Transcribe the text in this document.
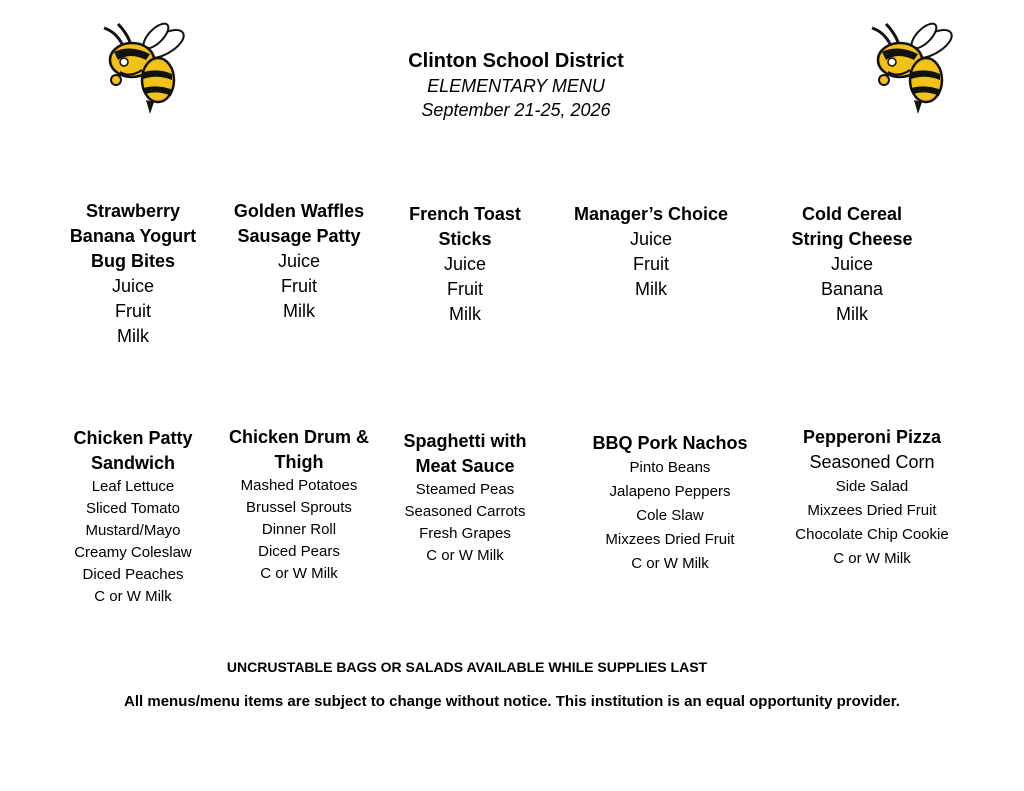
Clinton School District
ELEMENTARY MENU
September 21-25, 2026
Strawberry
Banana Yogurt
Bug Bites
Juice
Fruit
Milk
Golden Waffles
Sausage Patty
Juice
Fruit
Milk
French Toast
Sticks
Juice
Fruit
Milk
Manager’s Choice
Juice
Fruit
Milk
Cold Cereal
String Cheese
Juice
Banana
Milk
Chicken Patty
Sandwich
Leaf Lettuce
Sliced Tomato
Mustard/Mayo
Creamy Coleslaw
Diced Peaches
C or W Milk
Chicken Drum &
Thigh
Mashed Potatoes
Brussel Sprouts
Dinner Roll
Diced Pears
C or W Milk
Spaghetti with
Meat Sauce
Steamed Peas
Seasoned Carrots
Fresh Grapes
C or W Milk
BBQ Pork Nachos
Pinto Beans
Jalapeno Peppers
Cole Slaw
Mixzees Dried Fruit
C or W Milk
Pepperoni Pizza
Seasoned Corn
Side Salad
Mixzees Dried Fruit
Chocolate Chip Cookie
C or W Milk
UNCRUSTABLE BAGS OR SALADS AVAILABLE WHILE SUPPLIES LAST
All menus/menu items are subject to change without notice. This institution is an equal opportunity provider.
